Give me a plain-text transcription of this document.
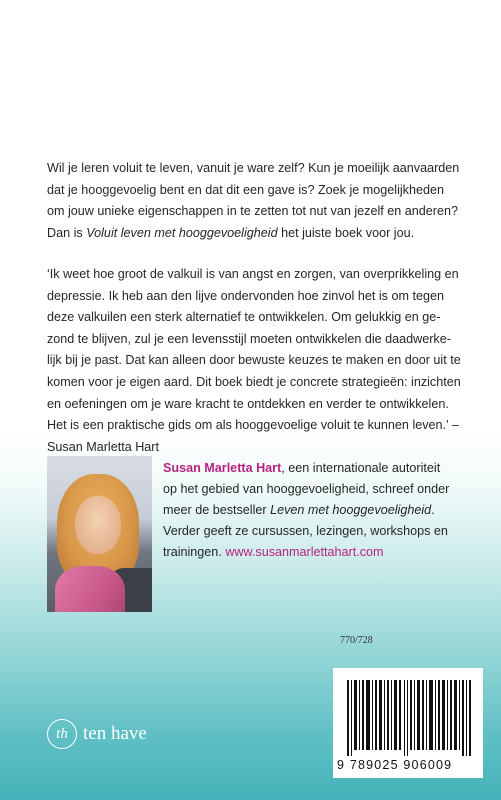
Wil je leren voluit te leven, vanuit je ware zelf? Kun je moeilijk aanvaarden
dat je hooggevoelig bent en dat dit een gave is? Zoek je mogelijkheden
om jouw unieke eigenschappen in te zetten tot nut van jezelf en anderen?
Dan is Voluit leven met hooggevoeligheid het juiste boek voor jou.
‘Ik weet hoe groot de valkuil is van angst en zorgen, van overprikkeling en
depressie. Ik heb aan den lijve ondervonden hoe zinvol het is om tegen
deze valkuilen een sterk alternatief te ontwikkelen. Om gelukkig en ge-
zond te blijven, zul je een levensstijl moeten ontwikkelen die daadwerke-
lijk bij je past. Dat kan alleen door bewuste keuzes te maken en door uit te
komen voor je eigen aard. Dit boek biedt je concrete strategieën: inzichten
en oefeningen om je ware kracht te ontdekken en verder te ontwikkelen.
Het is een praktische gids om als hooggevoelige voluit te kunnen leven.’ –
Susan Marletta Hart
Susan Marletta Hart, een internationale autoriteit
op het gebied van hooggevoeligheid, schreef onder
meer de bestseller Leven met hooggevoeligheid.
Verder geeft ze cursussen, lezingen, workshops en
trainingen. www.susanmarlettahart.com
770/728
9 789025 906009
th ten have
